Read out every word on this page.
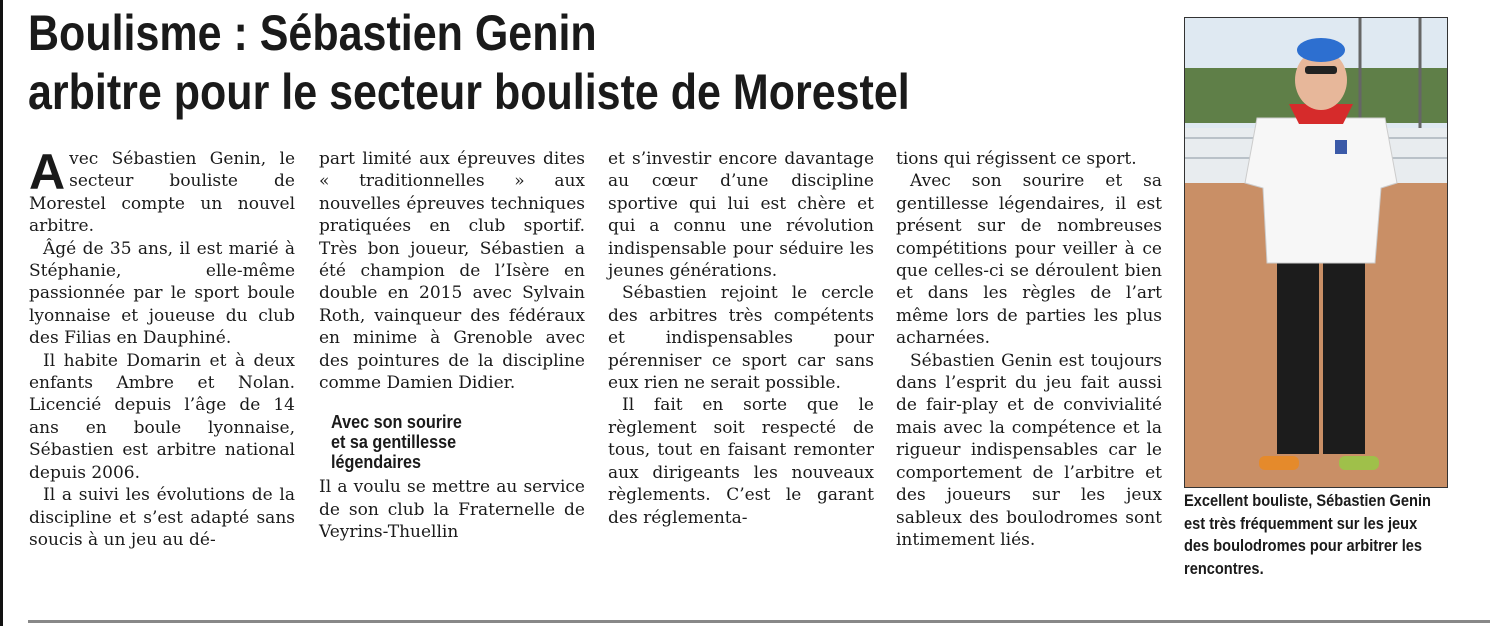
Boulisme : Sébastien Genin
arbitre pour le secteur bouliste de Morestel

Avec Sébastien Genin, le secteur bouliste de Morestel compte un nouvel arbitre.

Âgé de 35 ans, il est marié à Stéphanie, elle-même passionnée par le sport boule lyonnaise et joueuse du club des Filias en Dauphiné.

Il habite Domarin et à deux enfants Ambre et Nolan. Licencié depuis l’âge de 14 ans en boule lyonnaise, Sébastien est arbitre national depuis 2006.

Il a suivi les évolutions de la discipline et s’est adapté sans soucis à un jeu au dé-

part limité aux épreuves dites « traditionnelles » aux nouvelles épreuves techniques pratiquées en club sportif. Très bon joueur, Sébastien a été champion de l’Isère en double en 2015 avec Sylvain Roth, vainqueur des fédéraux en minime à Grenoble avec des pointures de la discipline comme Damien Didier.

Avec son sourire
et sa gentillesse
légendaires

Il a voulu se mettre au service de son club la Fraternelle de Veyrins-Thuellin

et s’investir encore davantage au cœur d’une discipline sportive qui lui est chère et qui a connu une révolution indispensable pour séduire les jeunes générations.

Sébastien rejoint le cercle des arbitres très compétents et indispensables pour pérenniser ce sport car sans eux rien ne serait possible.

Il fait en sorte que le règlement soit respecté de tous, tout en faisant remonter aux dirigeants les nouveaux règlements. C’est le garant des réglementa-

tions qui régissent ce sport.

Avec son sourire et sa gentillesse légendaires, il est présent sur de nombreuses compétitions pour veiller à ce que celles-ci se déroulent bien et dans les règles de l’art même lors de parties les plus acharnées.

Sébastien Genin est toujours dans l’esprit du jeu fait aussi de fair-play et de convivialité mais avec la compétence et la rigueur indispensables car le comportement de l’arbitre et des joueurs sur les jeux sableux des boulodromes sont intimement liés.

Excellent bouliste, Sébastien Genin est très fréquemment sur les jeux des boulodromes pour arbitrer les rencontres.
